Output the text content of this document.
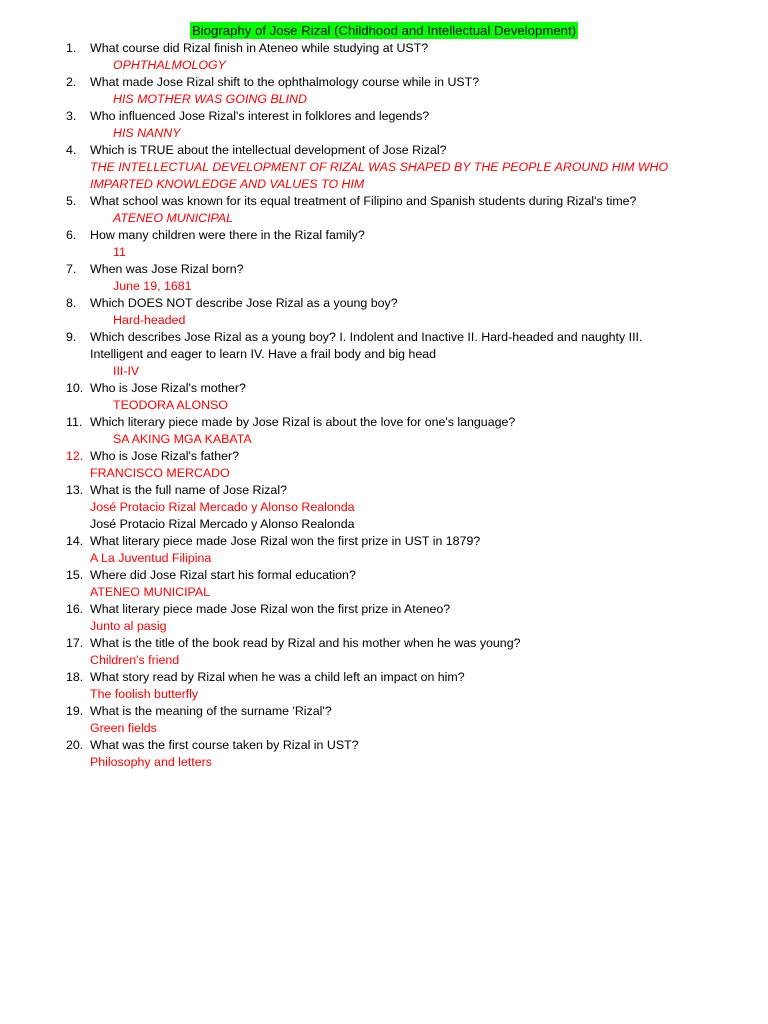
Biography of Jose Rizal (Childhood and Intellectual Development)
1.	What course did Rizal finish in Ateneo while studying at UST?
OPHTHALMOLOGY
2.	What made Jose Rizal shift to the ophthalmology course while in UST?
HIS MOTHER WAS GOING BLIND
3.	Who influenced Jose Rizal's interest in folklores and legends?
HIS NANNY
4.	Which is TRUE about the intellectual development of Jose Rizal?
THE INTELLECTUAL DEVELOPMENT OF RIZAL WAS SHAPED BY THE PEOPLE AROUND HIM WHO
IMPARTED KNOWLEDGE AND VALUES TO HIM
5.	What school was known for its equal treatment of Filipino and Spanish students during Rizal's time?
ATENEO MUNICIPAL
6.	How many children were there in the Rizal family?
11
7.	When was Jose Rizal born?
June 19, 1681
8.	Which DOES NOT describe Jose Rizal as a young boy?
Hard-headed
9.	Which describes Jose Rizal as a young boy? I. Indolent and Inactive II. Hard-headed and naughty III.
Intelligent and eager to learn IV. Have a frail body and big head
III-IV
10. Who is Jose Rizal's mother?
TEODORA ALONSO
11. Which literary piece made by Jose Rizal is about the love for one's language?
SA AKING MGA KABATA
12. Who is Jose Rizal's father?
FRANCISCO MERCADO
13. What is the full name of Jose Rizal?
José Protacio Rizal Mercado y Alonso Realonda
José Protacio Rizal Mercado y Alonso Realonda
14. What literary piece made Jose Rizal won the first prize in UST in 1879?
A La Juventud Filipina
15. Where did Jose Rizal start his formal education?
ATENEO MUNICIPAL
16. What literary piece made Jose Rizal won the first prize in Ateneo?
Junto al pasig
17. What is the title of the book read by Rizal and his mother when he was young?
Children's friend
18. What story read by Rizal when he was a child left an impact on him?
The foolish butterfly
19. What is the meaning of the surname 'Rizal'?
Green fields
20. What was the first course taken by Rizal in UST?
Philosophy and letters
